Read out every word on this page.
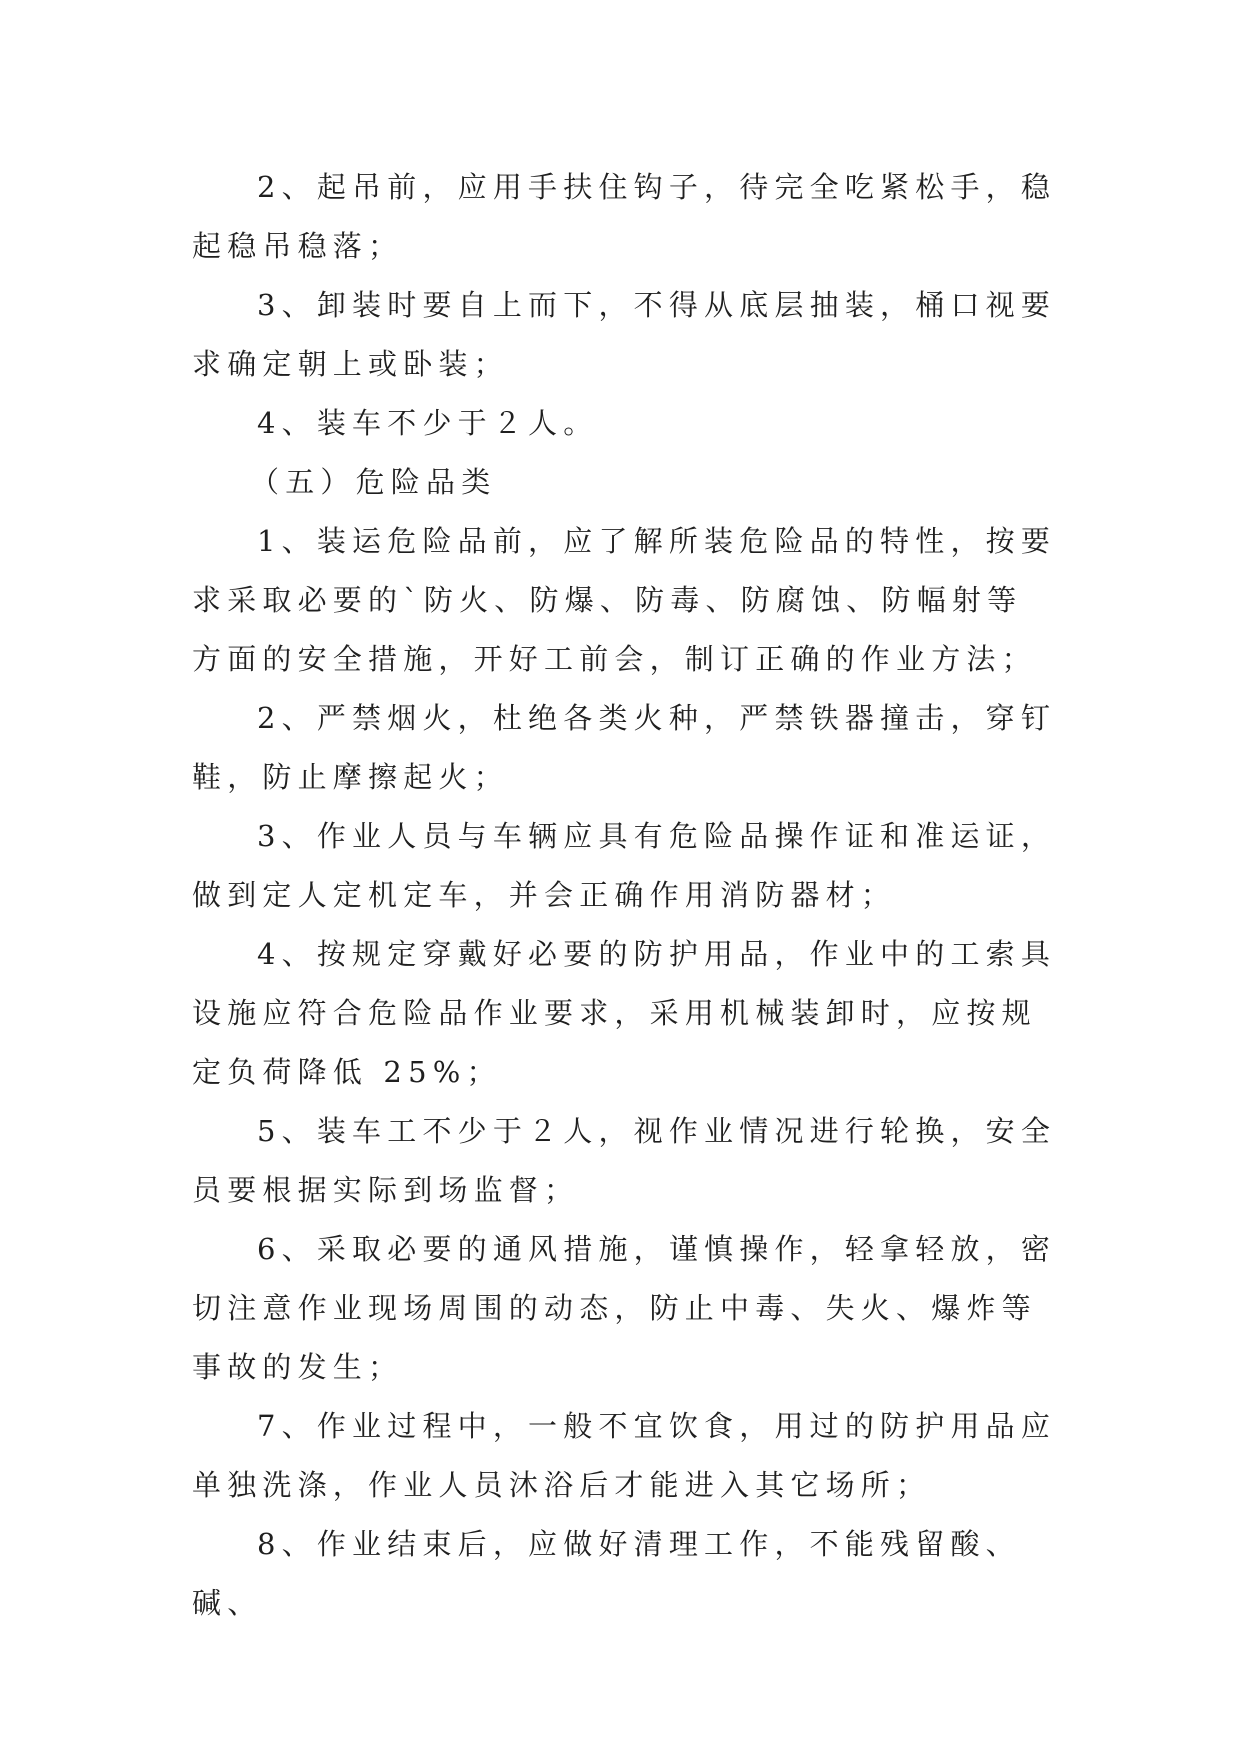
2、起吊前，应用手扶住钩子，待完全吃紧松手，稳起稳吊稳落；

3、卸装时要自上而下，不得从底层抽装，桶口视要求确定朝上或卧装；

4、装车不少于２人。

（五）危险品类

1、装运危险品前，应了解所装危险品的特性，按要求采取必要的`防火、防爆、防毒、防腐蚀、防幅射等方面的安全措施，开好工前会，制订正确的作业方法；

2、严禁烟火，杜绝各类火种，严禁铁器撞击，穿钉鞋，防止摩擦起火；

3、作业人员与车辆应具有危险品操作证和准运证，做到定人定机定车，并会正确作用消防器材；

4、按规定穿戴好必要的防护用品，作业中的工索具设施应符合危险品作业要求，采用机械装卸时，应按规定负荷降低 25%；

5、装车工不少于２人，视作业情况进行轮换，安全员要根据实际到场监督；

6、采取必要的通风措施，谨慎操作，轻拿轻放，密切注意作业现场周围的动态，防止中毒、失火、爆炸等事故的发生；

7、作业过程中，一般不宜饮食，用过的防护用品应单独洗涤，作业人员沐浴后才能进入其它场所；

8、作业结束后，应做好清理工作，不能残留酸、碱、
